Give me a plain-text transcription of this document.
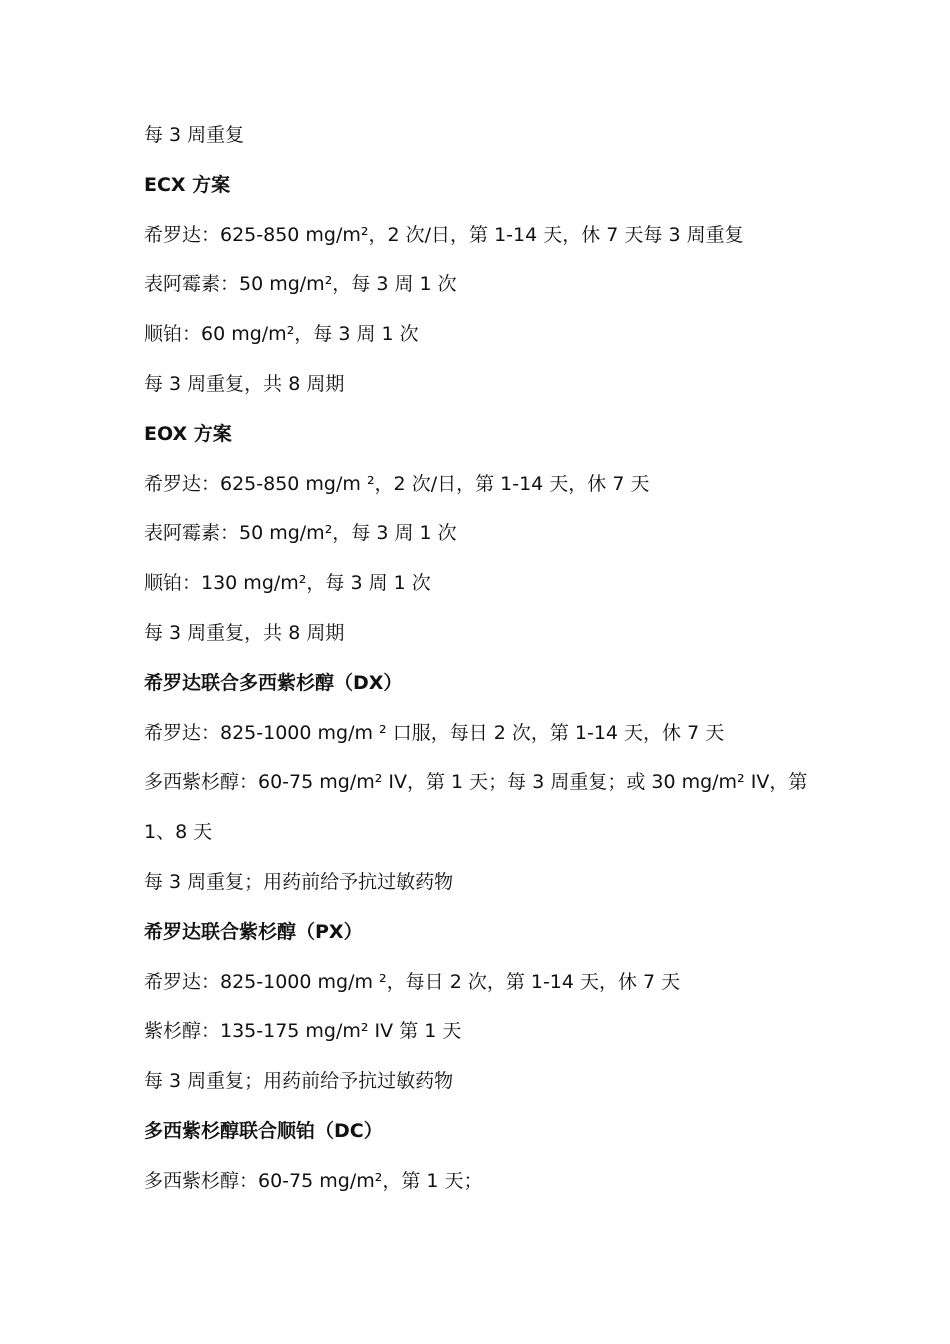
每 3 周重复
ECX 方案
希罗达：625-850 mg/m²，2 次/日，第 1-14 天，休 7 天每 3 周重复
表阿霉素：50 mg/m²，每 3 周 1 次
顺铂：60 mg/m²，每 3 周 1 次
每 3 周重复，共 8 周期
EOX 方案
希罗达：625-850 mg/m ²，2 次/日，第 1-14 天，休 7 天
表阿霉素：50 mg/m²，每 3 周 1 次
顺铂：130 mg/m²，每 3 周 1 次
每 3 周重复，共 8 周期
希罗达联合多西紫杉醇（DX）
希罗达：825-1000 mg/m ² 口服，每日 2 次，第 1-14 天，休 7 天
多西紫杉醇：60-75 mg/m² IV，第 1 天；每 3 周重复；或 30 mg/m² IV，第
1、8 天
每 3 周重复；用药前给予抗过敏药物
希罗达联合紫杉醇（PX）
希罗达：825-1000 mg/m ²，每日 2 次，第 1-14 天，休 7 天
紫杉醇：135-175 mg/m² IV 第 1 天
每 3 周重复；用药前给予抗过敏药物
多西紫杉醇联合顺铂（DC）
多西紫杉醇：60-75 mg/m²，第 1 天；
